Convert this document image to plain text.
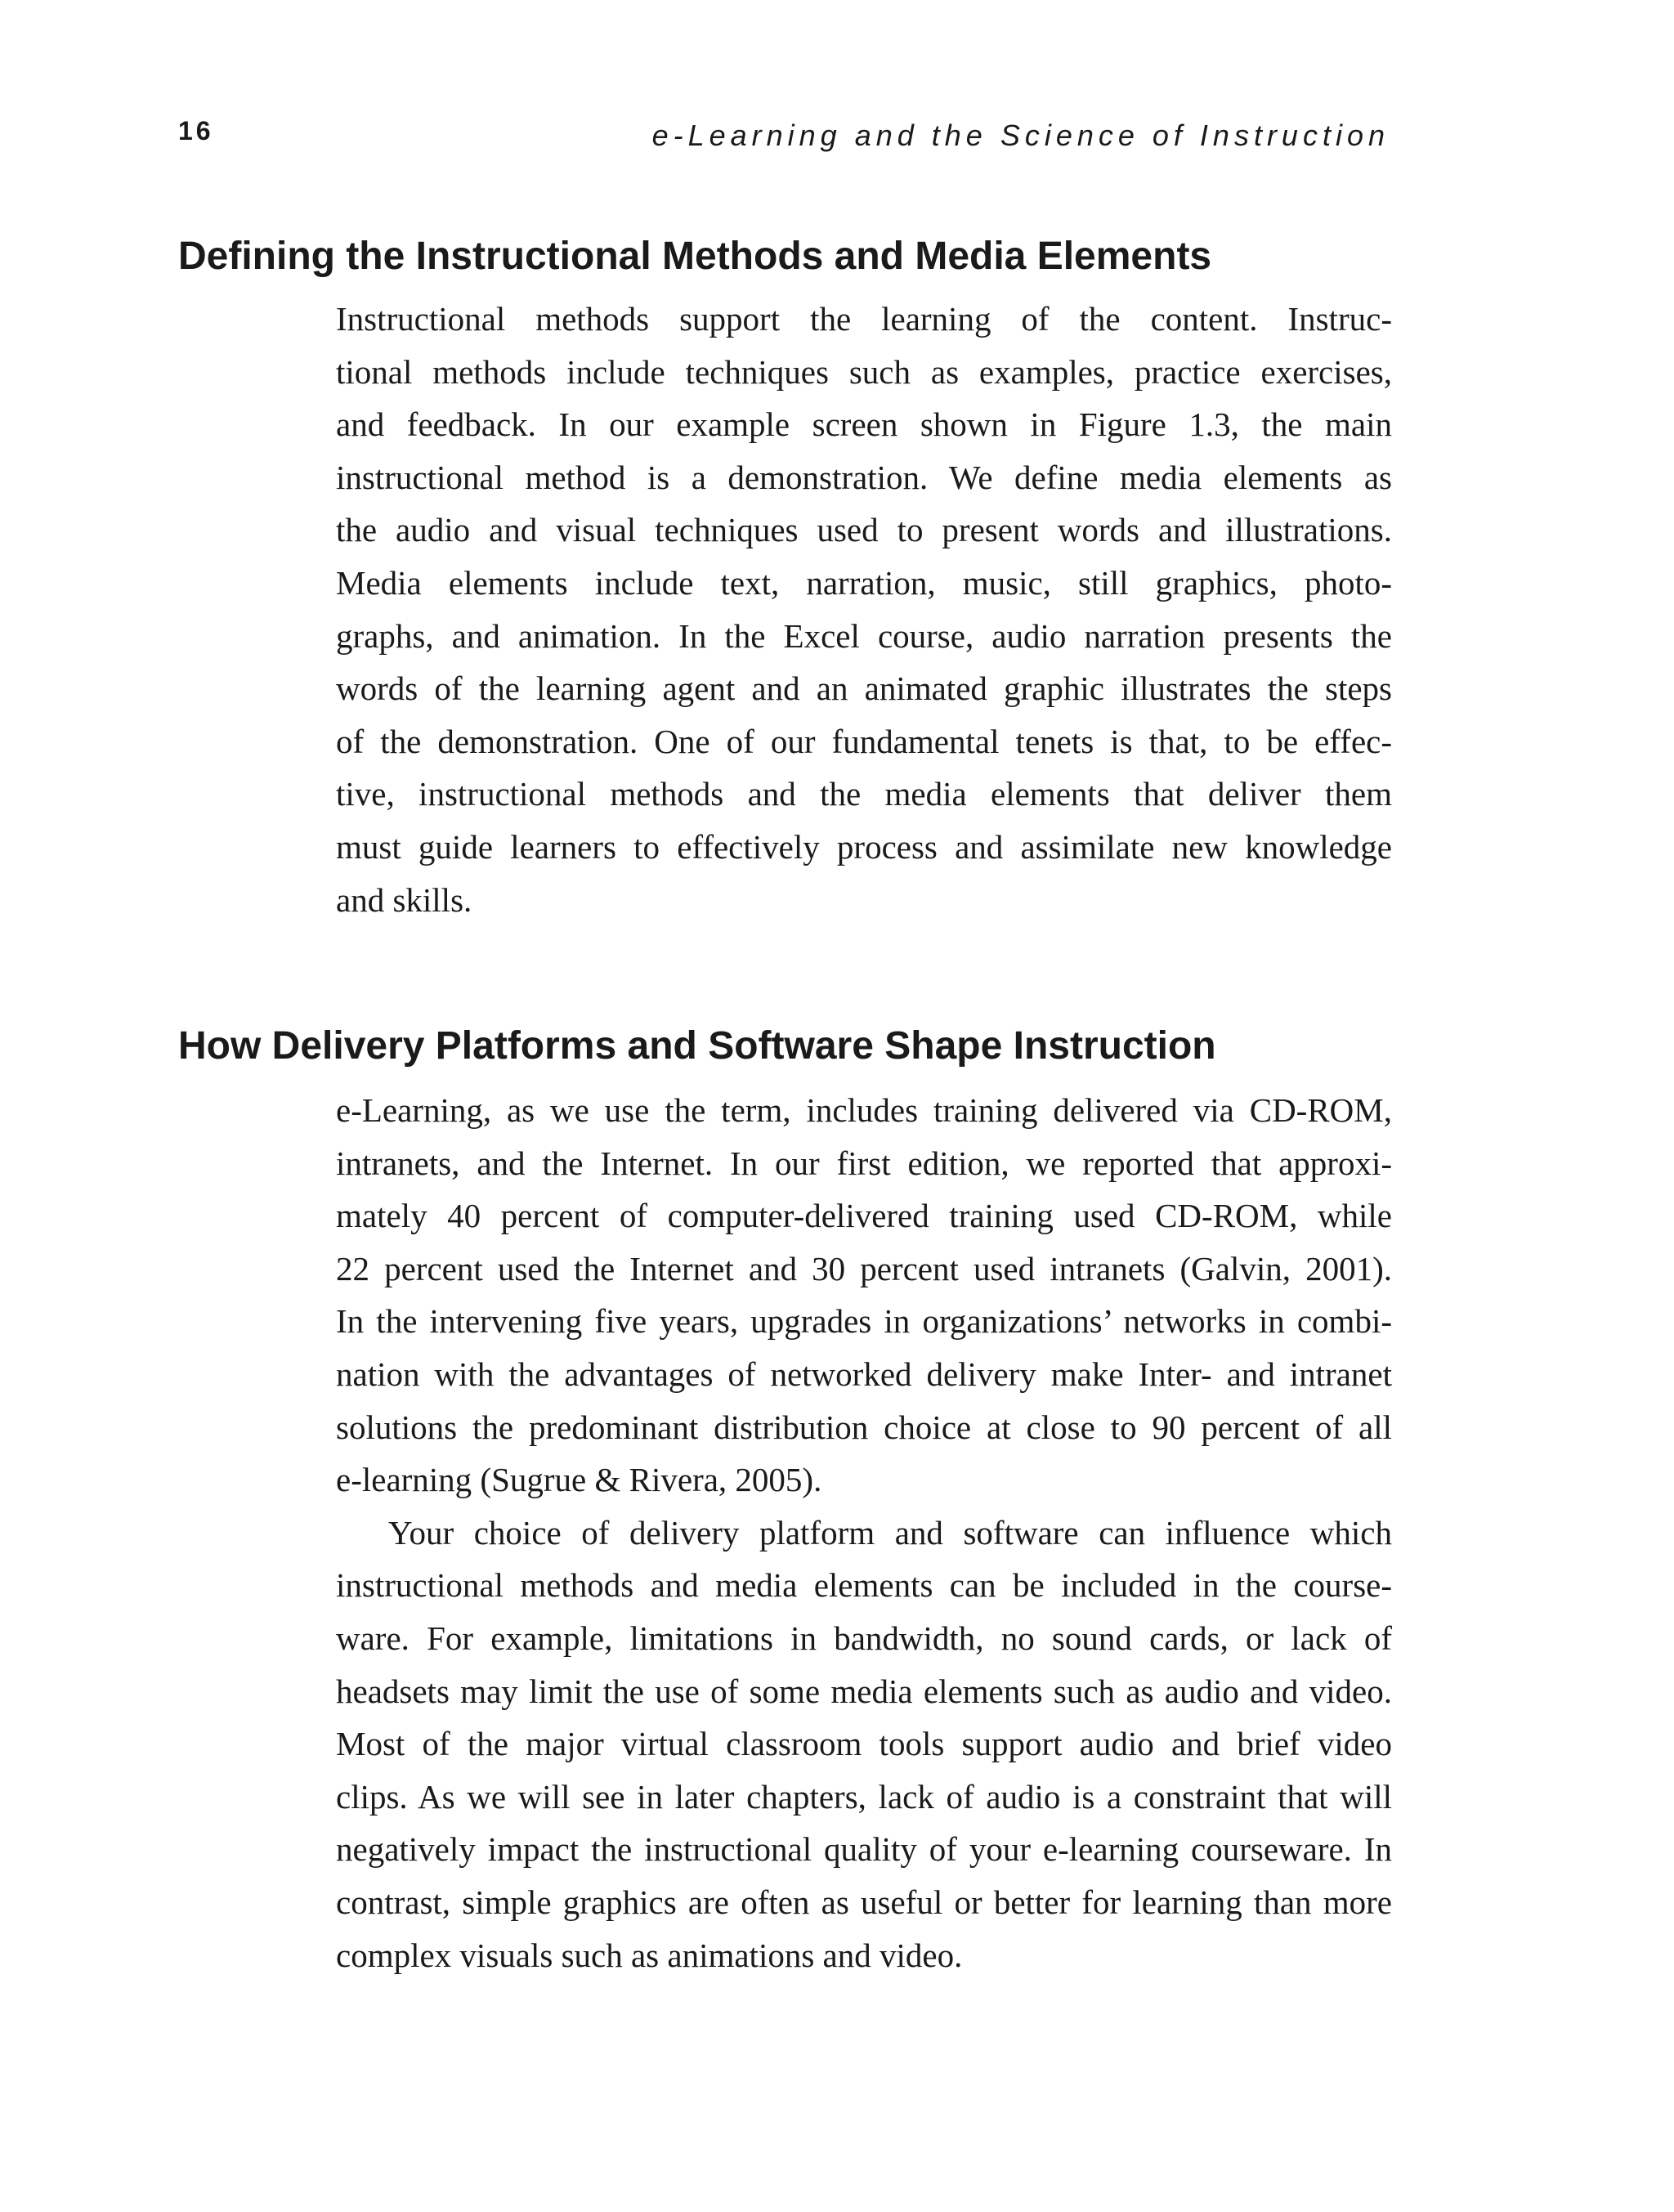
16	e-Learning and the Science of Instruction
Defining the Instructional Methods and Media Elements
Instructional methods support the learning of the content. Instruc-
tional methods include techniques such as examples, practice exercises,
and feedback. In our example screen shown in Figure 1.3, the main
instructional method is a demonstration. We define media elements as
the audio and visual techniques used to present words and illustrations.
Media elements include text, narration, music, still graphics, photo-
graphs, and animation. In the Excel course, audio narration presents the
words of the learning agent and an animated graphic illustrates the steps
of the demonstration. One of our fundamental tenets is that, to be effec-
tive, instructional methods and the media elements that deliver them
must guide learners to effectively process and assimilate new knowledge
and skills.
How Delivery Platforms and Software Shape Instruction
e-Learning, as we use the term, includes training delivered via CD-ROM,
intranets, and the Internet. In our first edition, we reported that approxi-
mately 40 percent of computer-delivered training used CD-ROM, while
22 percent used the Internet and 30 percent used intranets (Galvin, 2001).
In the intervening five years, upgrades in organizations’ networks in combi-
nation with the advantages of networked delivery make Inter- and intranet
solutions the predominant distribution choice at close to 90 percent of all
e-learning (Sugrue & Rivera, 2005).
Your choice of delivery platform and software can influence which
instructional methods and media elements can be included in the course-
ware. For example, limitations in bandwidth, no sound cards, or lack of
headsets may limit the use of some media elements such as audio and video.
Most of the major virtual classroom tools support audio and brief video
clips. As we will see in later chapters, lack of audio is a constraint that will
negatively impact the instructional quality of your e-learning courseware. In
contrast, simple graphics are often as useful or better for learning than more
complex visuals such as animations and video.
